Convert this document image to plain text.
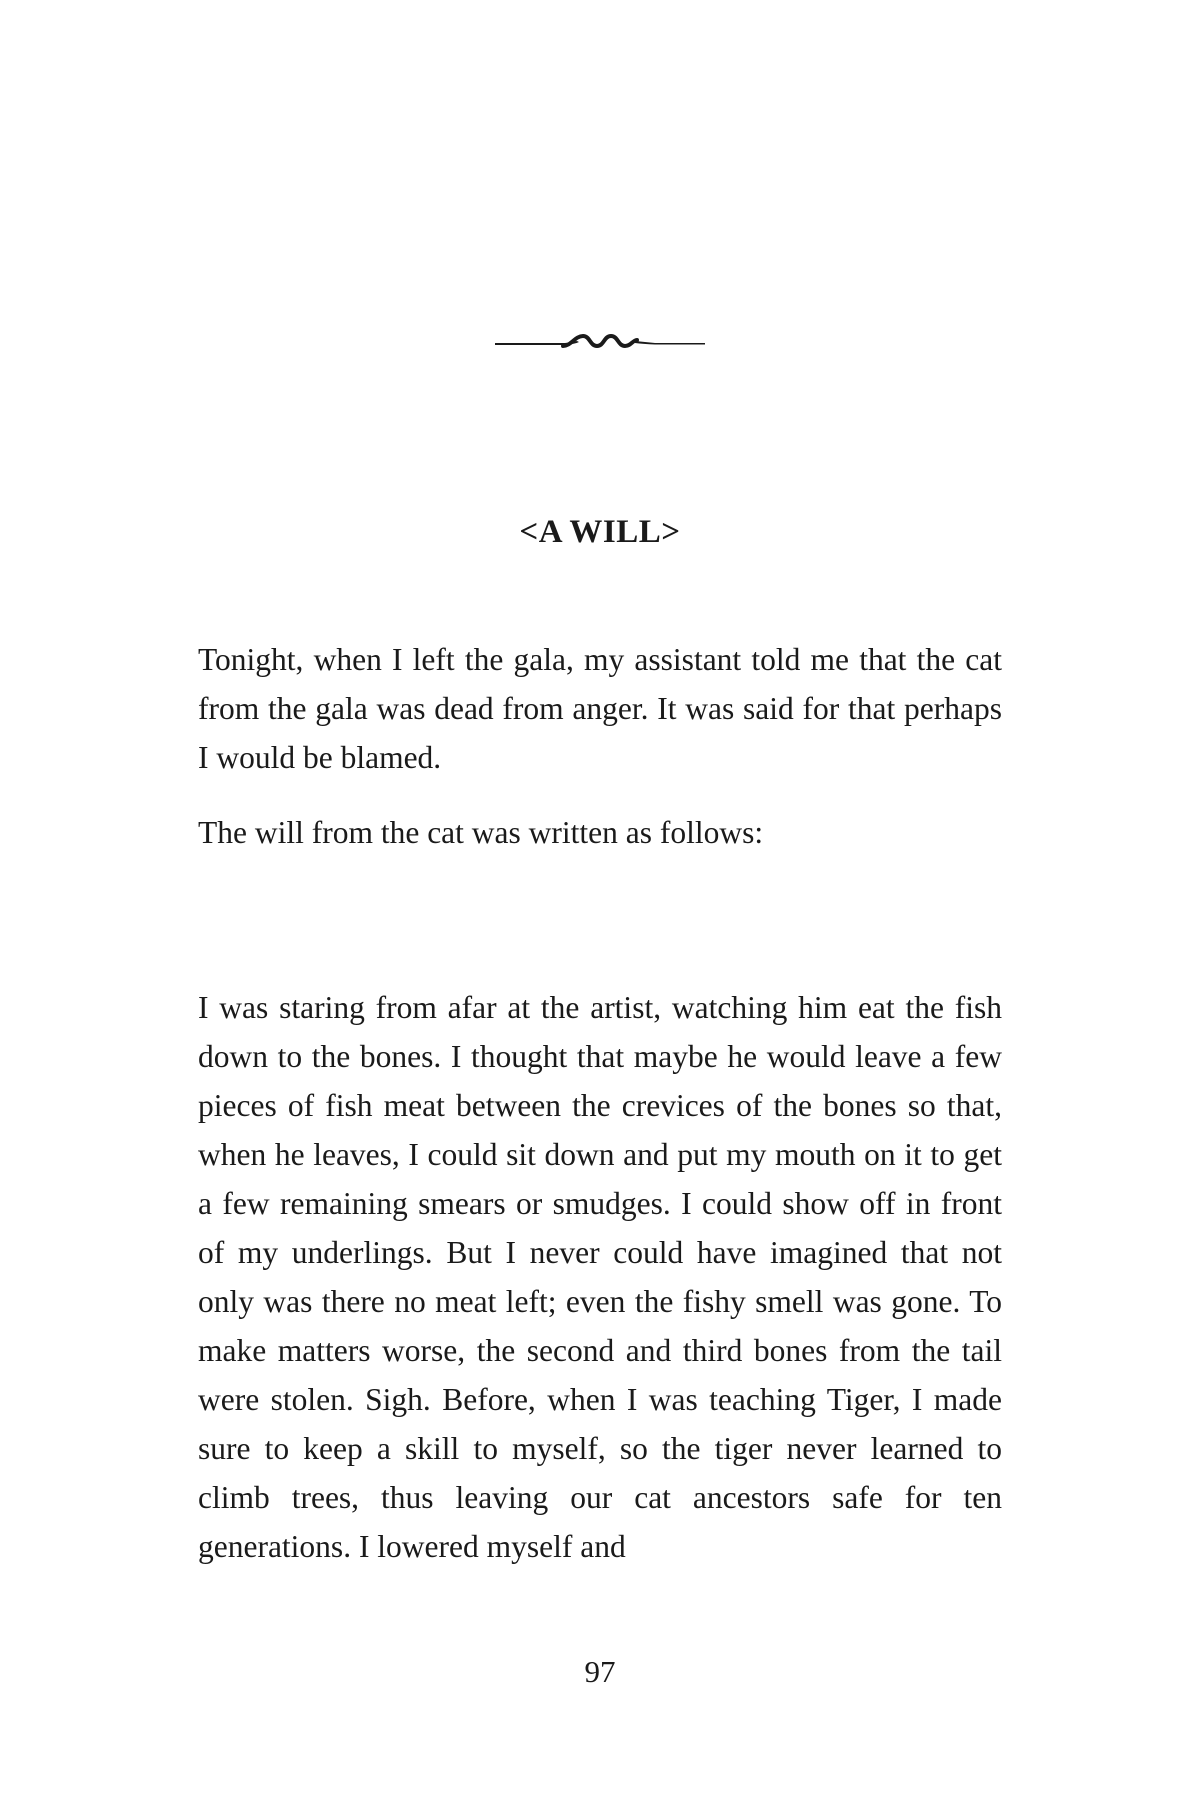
<A WILL>

Tonight, when I left the gala, my assistant told me that the cat from the gala was dead from anger. It was said for that perhaps I would be blamed.

The will from the cat was written as follows:

I was staring from afar at the artist, watching him eat the fish down to the bones. I thought that maybe he would leave a few pieces of fish meat between the crevices of the bones so that, when he leaves, I could sit down and put my mouth on it to get a few remaining smears or smudges. I could show off in front of my underlings. But I never could have imagined that not only was there no meat left; even the fishy smell was gone. To make matters worse, the second and third bones from the tail were stolen. Sigh. Before, when I was teaching Tiger, I made sure to keep a skill to myself, so the tiger never learned to climb trees, thus leaving our cat ancestors safe for ten generations. I lowered myself and

97
